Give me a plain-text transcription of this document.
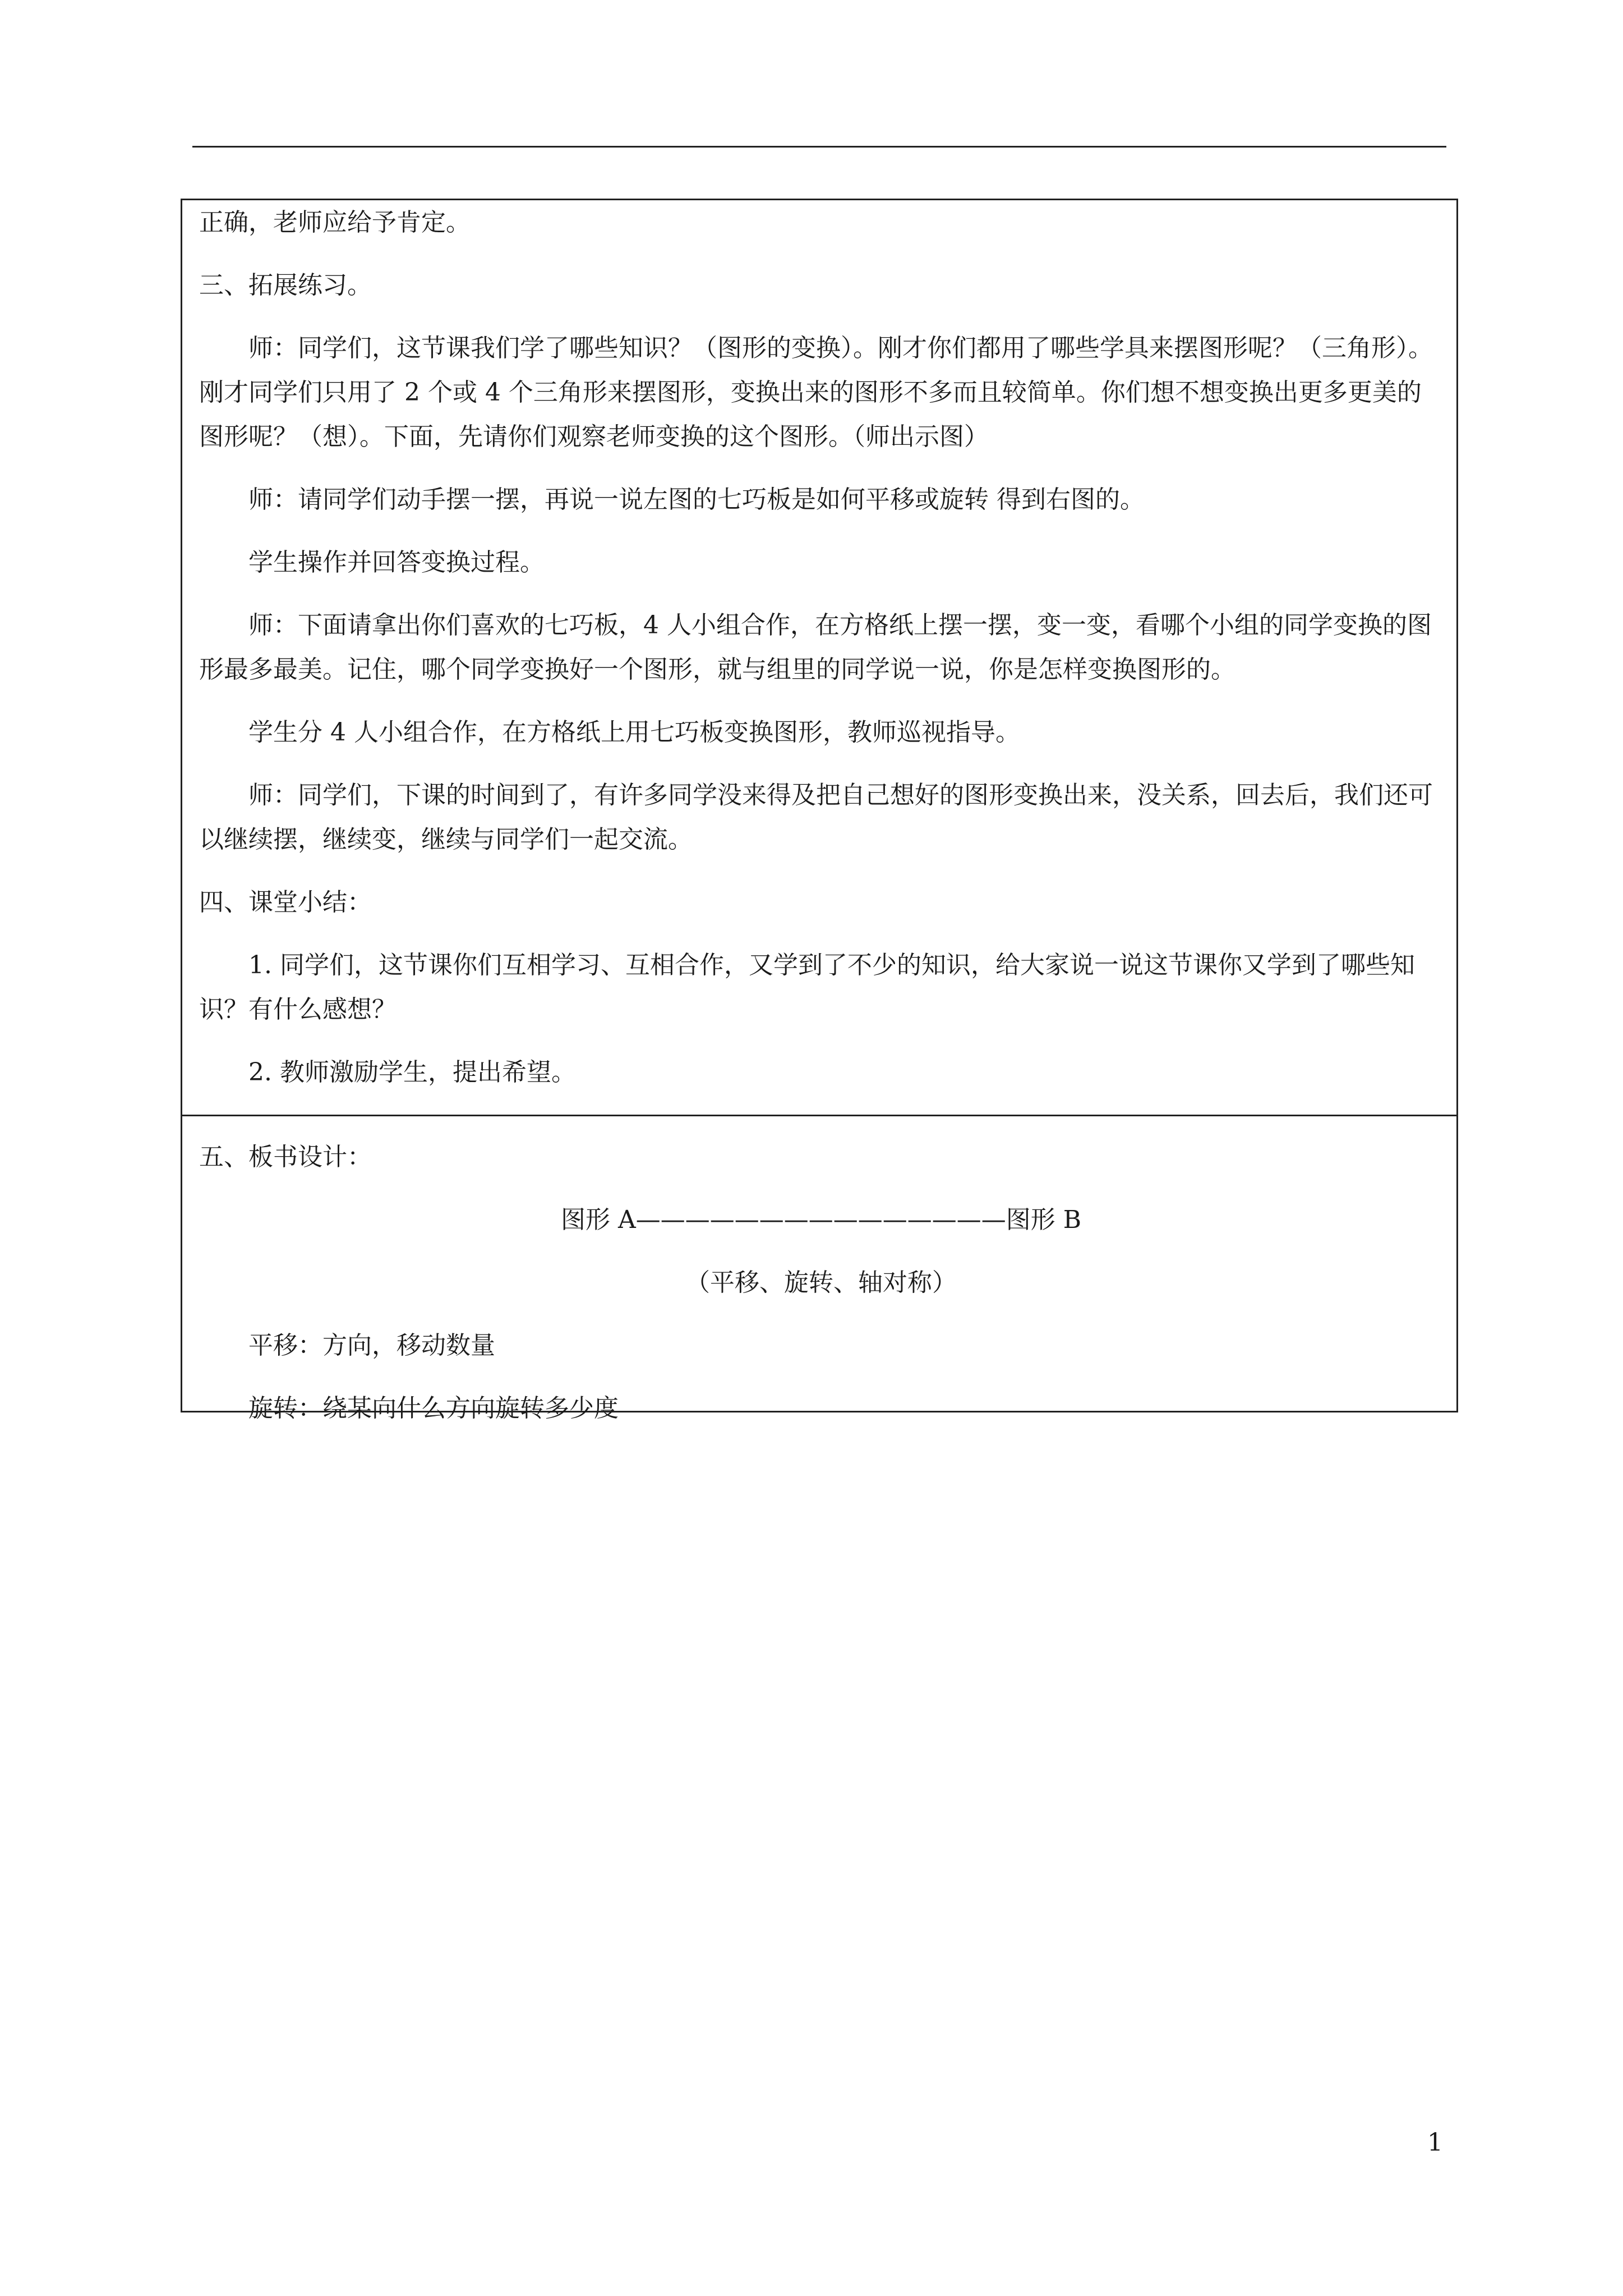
正确，老师应给予肯定。

三、拓展练习。

师：同学们，这节课我们学了哪些知识？（图形的变换）。刚才你们都用了哪些学具来摆图形呢？（三角形）。刚才同学们只用了 2 个或 4 个三角形来摆图形，变换出来的图形不多而且较简单。你们想不想变换出更多更美的图形呢？（想）。下面，先请你们观察老师变换的这个图形。（师出示图）

师：请同学们动手摆一摆，再说一说左图的七巧板是如何平移或旋转 得到右图的。

学生操作并回答变换过程。

师：下面请拿出你们喜欢的七巧板，4 人小组合作，在方格纸上摆一摆，变一变，看哪个小组的同学变换的图形最多最美。记住，哪个同学变换好一个图形，就与组里的同学说一说，你是怎样变换图形的。

学生分 4 人小组合作，在方格纸上用七巧板变换图形，教师巡视指导。

师：同学们，下课的时间到了，有许多同学没来得及把自己想好的图形变换出来，没关系，回去后，我们还可以继续摆，继续变，继续与同学们一起交流。

四、课堂小结：

1. 同学们，这节课你们互相学习、互相合作，又学到了不少的知识，给大家说一说这节课你又学到了哪些知识？有什么感想？

2. 教师激励学生，提出希望。

五、板书设计：

图形 A———————————————图形 B

（平移、旋转、轴对称）

平移：方向，移动数量

旋转：绕某向什么方向旋转多少度

1
